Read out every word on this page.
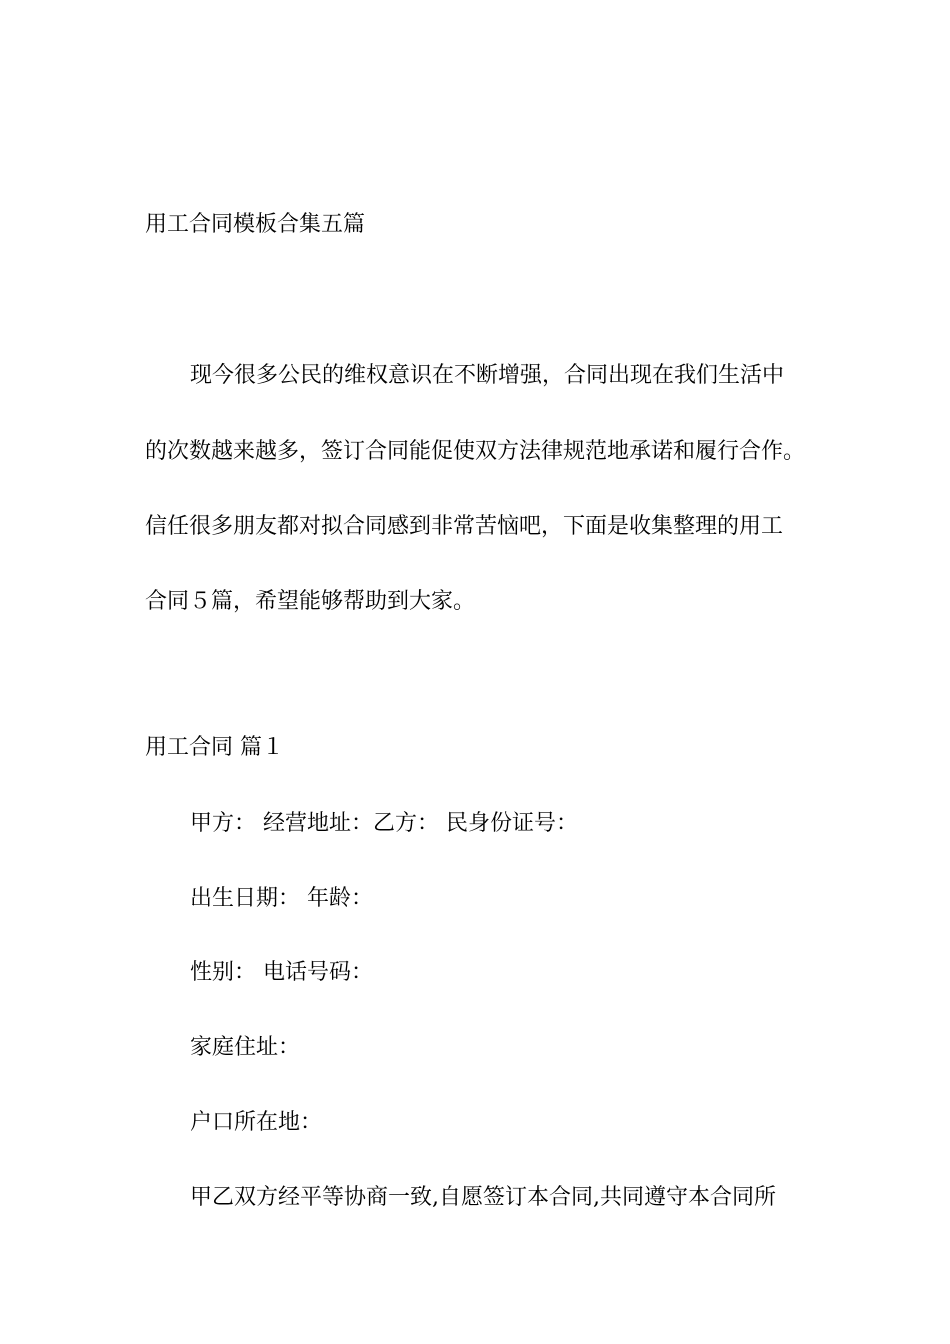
用工合同模板合集五篇
现今很多公民的维权意识在不断增强，合同出现在我们生活中
的次数越来越多，签订合同能促使双方法律规范地承诺和履行合作。
信任很多朋友都对拟合同感到非常苦恼吧，下面是收集整理的用工
合同５篇，希望能够帮助到大家。
用工合同 篇１
甲方： 经营地址：乙方： 民身份证号：
出生日期： 年龄：
性别： 电话号码：
家庭住址：
户口所在地：
甲乙双方经平等协商一致,自愿签订本合同,共同遵守本合同所
